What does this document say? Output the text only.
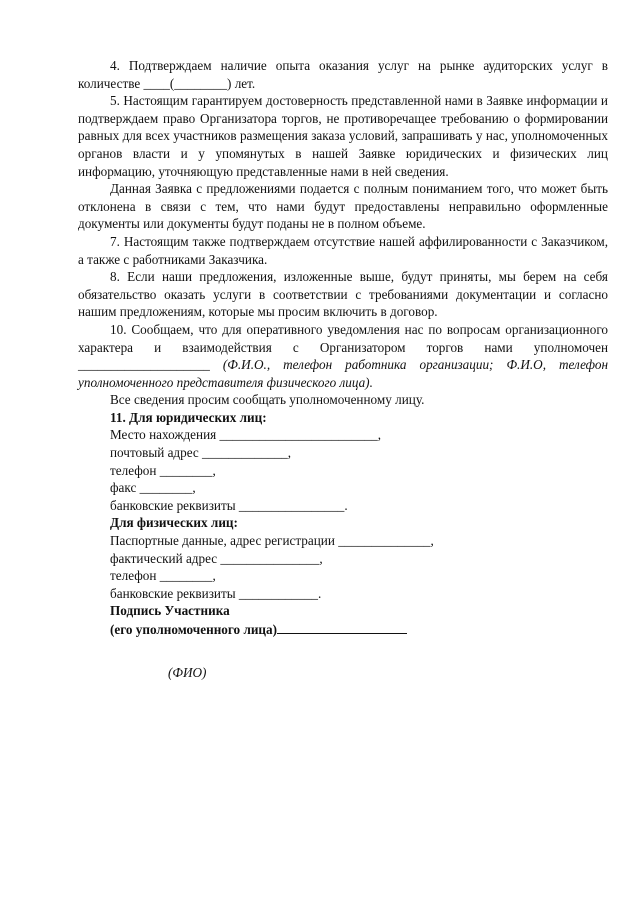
4. Подтверждаем наличие опыта оказания услуг на рынке аудиторских услуг в количестве ____(________) лет.

5. Настоящим гарантируем достоверность представленной нами в Заявке информации и подтверждаем право Организатора торгов, не противоречащее требованию о формировании равных для всех участников размещения заказа условий, запрашивать у нас, уполномоченных органов власти и у упомянутых в нашей Заявке юридических и физических лиц информацию, уточняющую представленные нами в ней сведения.

Данная Заявка с предложениями подается с полным пониманием того, что может быть отклонена в связи с тем, что нами будут предоставлены неправильно оформленные документы или документы будут поданы не в полном объеме.

7. Настоящим также подтверждаем отсутствие нашей аффилированности с Заказчиком, а также с работниками Заказчика.

8. Если наши предложения, изложенные выше, будут приняты, мы берем на себя обязательство оказать услуги в соответствии с требованиями документации и согласно нашим предложениям, которые мы просим включить в договор.

10. Сообщаем, что для оперативного уведомления нас по вопросам организационного характера и взаимодействия с Организатором торгов нами уполномочен ____________________ (Ф.И.О., телефон работника организации; Ф.И.О, телефон уполномоченного представителя физического лица).

Все сведения просим сообщать уполномоченному лицу.

11. Для юридических лиц:

Место нахождения ________________________,

почтовый адрес _____________,

телефон ________,

факс ________,

банковские реквизиты ________________.

Для физических лиц:

Паспортные данные, адрес регистрации ______________,

фактический адрес _______________,

телефон ________,

банковские реквизиты ____________.

Подпись Участника

(его уполномоченного лица)

(ФИО)
